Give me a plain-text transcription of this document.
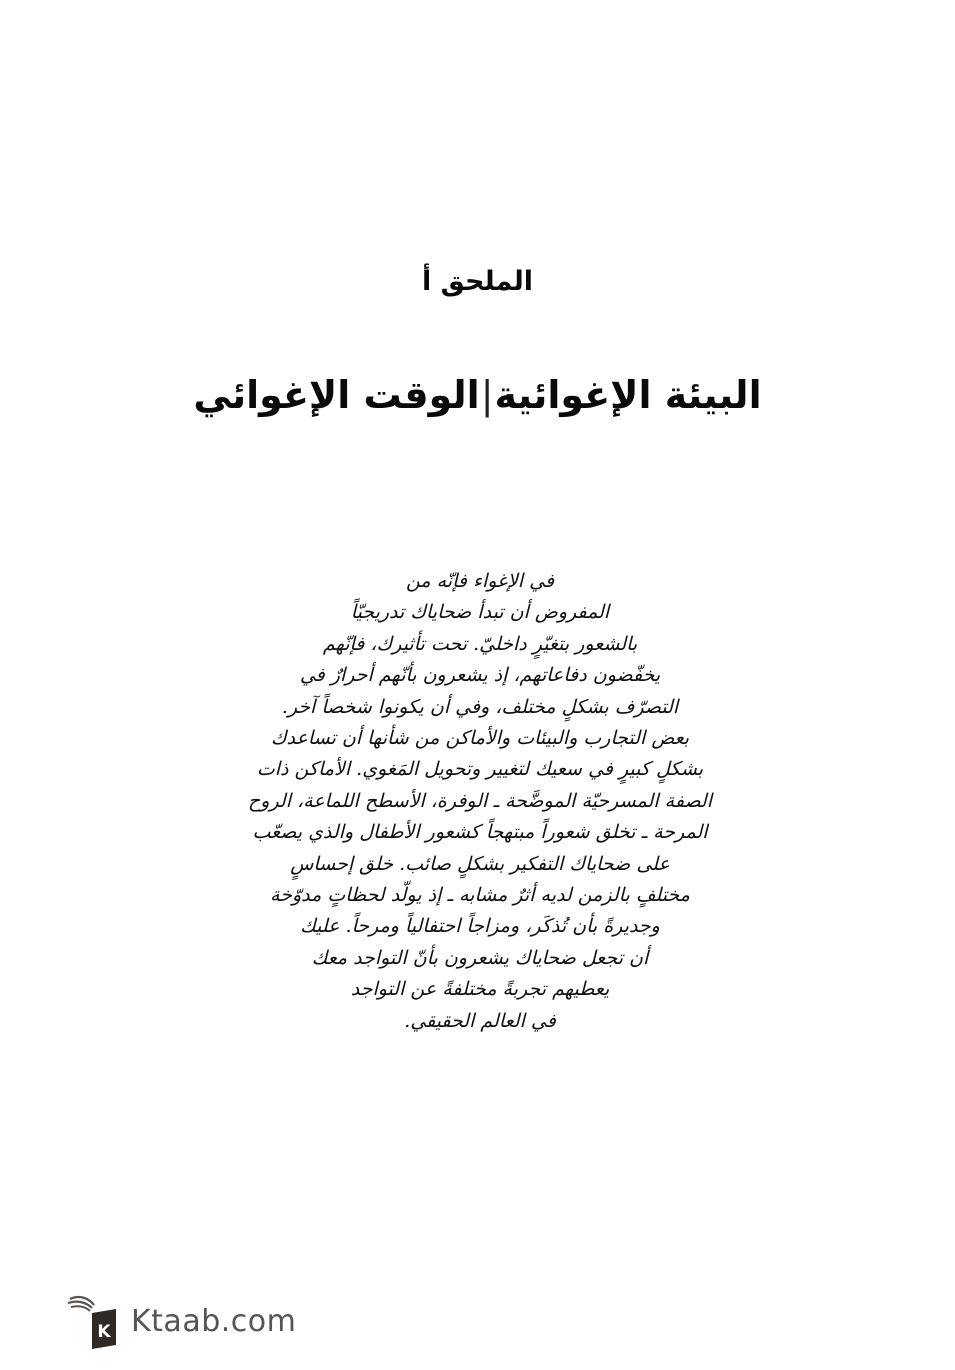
الملحق أ
البيئة الإغوائية|الوقت الإغوائي
في الإغواء فإنّه من
المفروض أن تبدأ ضحاياك تدريجيّاً
بالشعور بتغيّرٍ داخليّ. تحت تأثيرك، فإنّهم
يخفّضون دفاعاتهم، إذ يشعرون بأنّهم أحرارٌ في
التصرّف بشكلٍ مختلف، وفي أن يكونوا شخصاً آخر.
بعض التجارب والبيئات والأماكن من شأنها أن تساعدك
بشكلٍ كبيرٍ في سعيك لتغيير وتحويل المَغوي. الأماكن ذات
الصفة المسرحيّة الموضَّحة ـ الوفرة، الأسطح اللماعة، الروح
المرحة ـ تخلق شعوراً مبتهجاً كشعور الأطفال والذي يصعّب
على ضحاياك التفكير بشكلٍ صائب. خلق إحساسٍ
مختلفٍ بالزمن لديه أثرٌ مشابه ـ إذ يولّد لحظاتٍ مدوّخة
وجديرةً بأن تُذكَر، ومزاجاً احتفالياً ومرحاً. عليك
أن تجعل ضحاياك يشعرون بأنّ التواجد معك
يعطيهم تجربةً مختلفةً عن التواجد
في العالم الحقيقي.
K Ktaab.com
